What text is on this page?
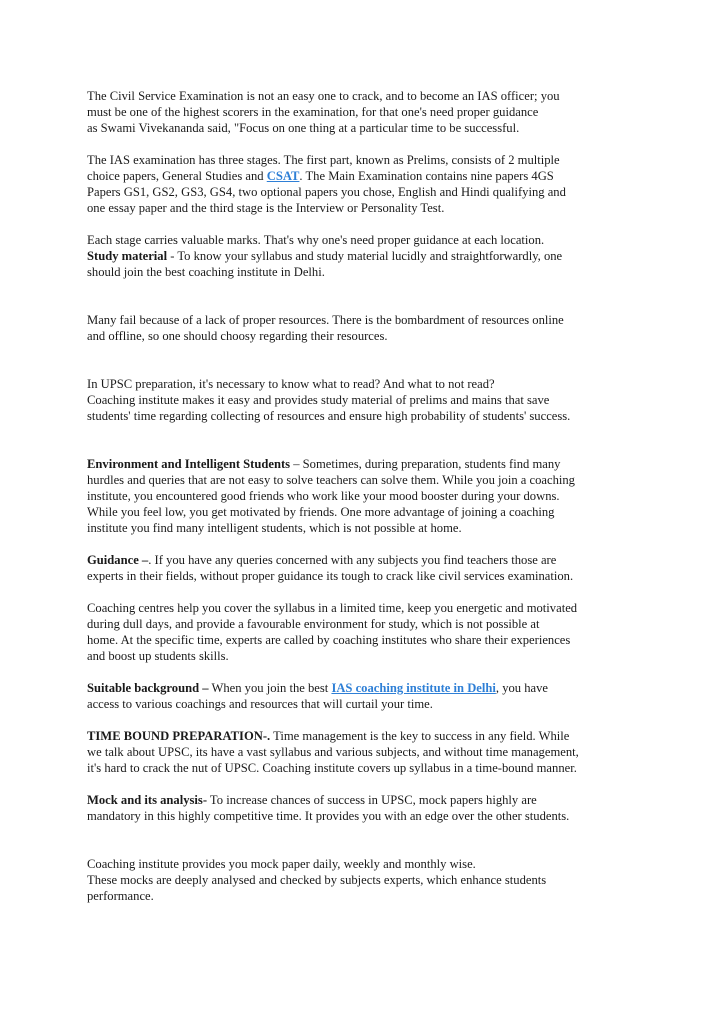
The Civil Service Examination is not an easy one to crack, and to become an IAS officer; you
must be one of the highest scorers in the examination, for that one's need proper guidance
as Swami Vivekananda said, "Focus on one thing at a particular time to be successful.

The IAS examination has three stages. The first part, known as Prelims, consists of 2 multiple
choice papers, General Studies and CSAT. The Main Examination contains nine papers 4GS
Papers GS1, GS2, GS3, GS4, two optional papers you chose, English and Hindi qualifying and
one essay paper and the third stage is the Interview or Personality Test.

Each stage carries valuable marks. That's why one's need proper guidance at each location.
Study material - To know your syllabus and study material lucidly and straightforwardly, one
should join the best coaching institute in Delhi.

Many fail because of a lack of proper resources. There is the bombardment of resources online
and offline, so one should choosy regarding their resources.

In UPSC preparation, it's necessary to know what to read? And what to not read?
Coaching institute makes it easy and provides study material of prelims and mains that save
students' time regarding collecting of resources and ensure high probability of students' success.

Environment and Intelligent Students – Sometimes, during preparation, students find many
hurdles and queries that are not easy to solve teachers can solve them. While you join a coaching
institute, you encountered good friends who work like your mood booster during your downs.
While you feel low, you get motivated by friends. One more advantage of joining a coaching
institute you find many intelligent students, which is not possible at home.

Guidance –. If you have any queries concerned with any subjects you find teachers those are
experts in their fields, without proper guidance its tough to crack like civil services examination.

Coaching centres help you cover the syllabus in a limited time, keep you energetic and motivated
during dull days, and provide a favourable environment for study, which is not possible at
home. At the specific time, experts are called by coaching institutes who share their experiences
and boost up students skills.

Suitable background – When you join the best IAS coaching institute in Delhi, you have
access to various coachings and resources that will curtail your time.

TIME BOUND PREPARATION-. Time management is the key to success in any field. While
we talk about UPSC, its have a vast syllabus and various subjects, and without time management,
it's hard to crack the nut of UPSC. Coaching institute covers up syllabus in a time-bound manner.

Mock and its analysis- To increase chances of success in UPSC, mock papers highly are
mandatory in this highly competitive time. It provides you with an edge over the other students.

Coaching institute provides you mock paper daily, weekly and monthly wise.
These mocks are deeply analysed and checked by subjects experts, which enhance students
performance.
